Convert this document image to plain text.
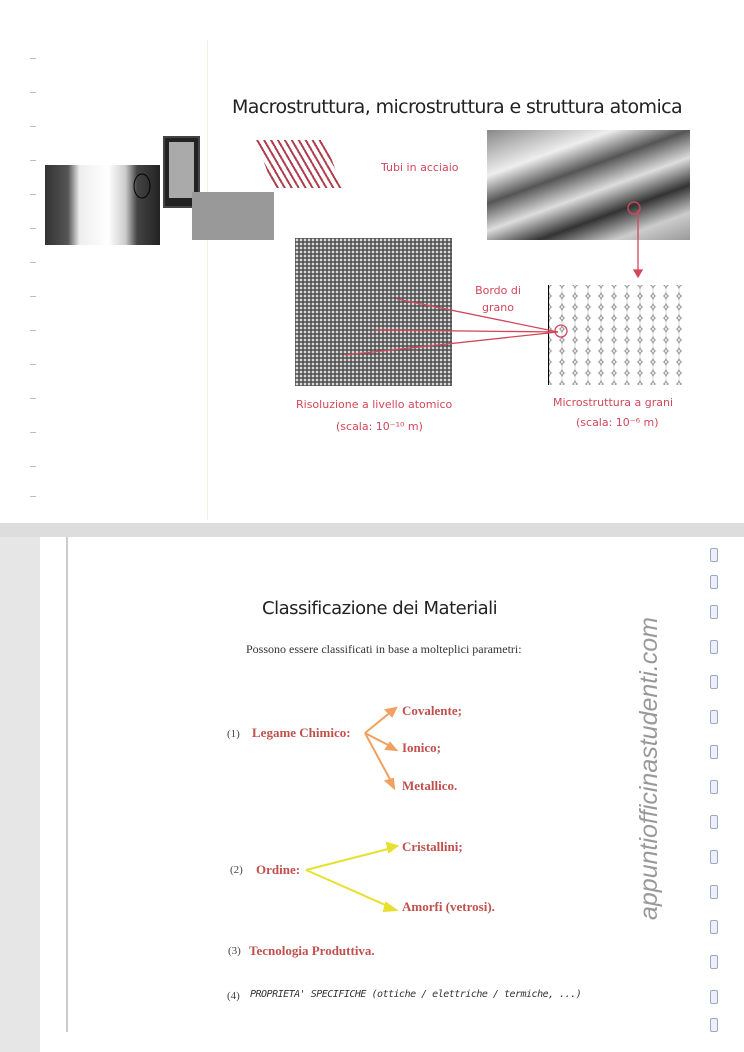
Macrostruttura, microstruttura e struttura atomica
Tubi in acciaio
Bordo di grano
Risoluzione a livello atomico
(scala: 10⁻¹⁰ m)
Microstruttura a grani
(scala: 10⁻⁶ m)
Classificazione dei Materiali
Possono essere classificati in base a molteplici parametri:
(1) Legame Chimico:
Covalente;
Ionico;
Metallico.
(2) Ordine:
Cristallini;
Amorfi (vetrosi).
(3) Tecnologia Produttiva.
(4) PROPRIETA' SPECIFICHE (ottiche / elettriche / termiche, ...)
appuntiofficinastudenti.com
